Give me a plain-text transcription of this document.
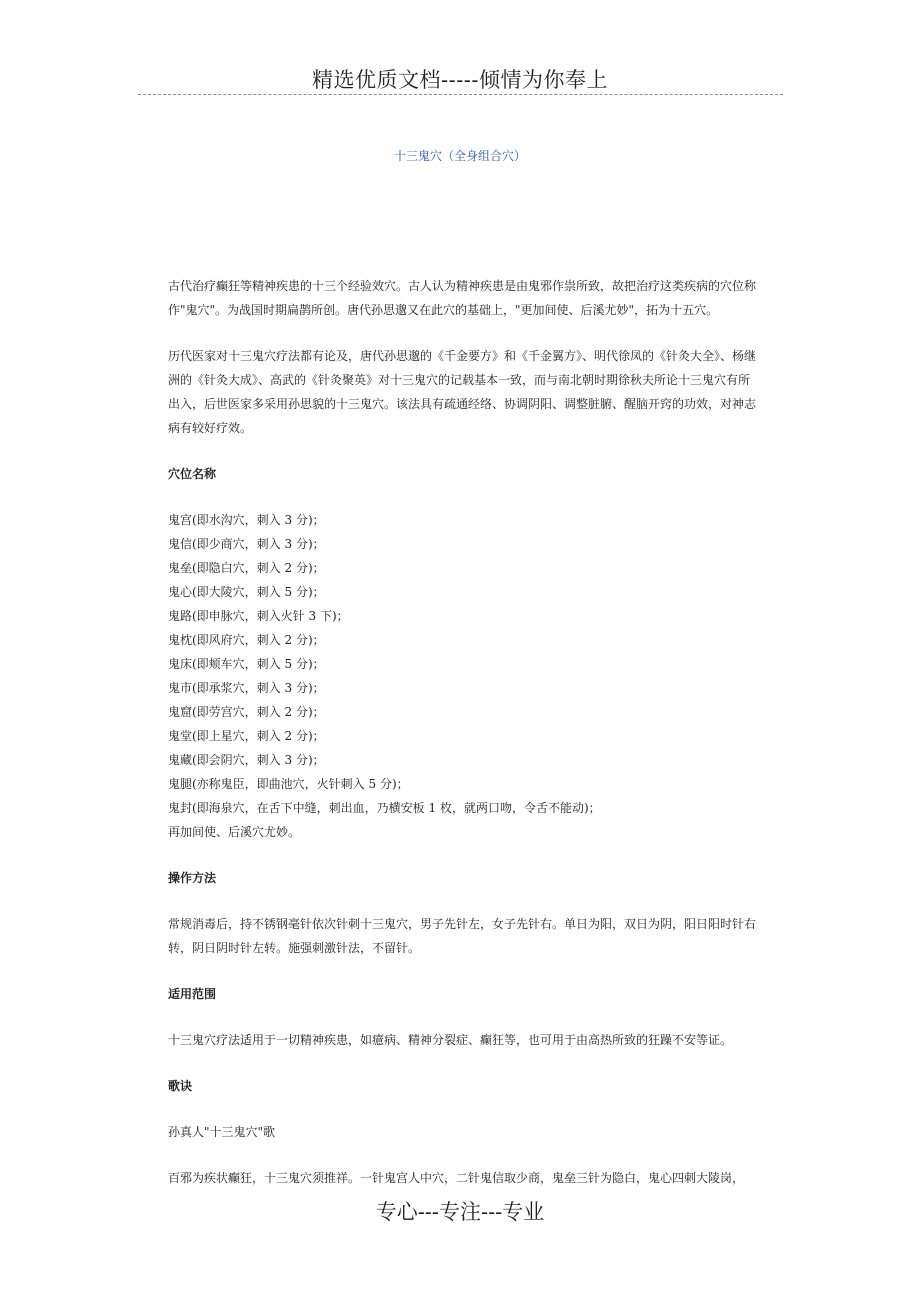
精选优质文档-----倾情为你奉上
十三鬼穴（全身组合穴）

古代治疗癫狂等精神疾患的十三个经验效穴。古人认为精神疾患是由鬼邪作祟所致，故把治疗这类疾病的穴位称作"鬼穴"。为战国时期扁鹊所创。唐代孙思邈又在此穴的基础上，"更加间使、后溪尤妙"，拓为十五穴。

历代医家对十三鬼穴疗法都有论及，唐代孙思邈的《千金要方》和《千金翼方》、明代徐凤的《针灸大全》、杨继洲的《针灸大成》、高武的《针灸聚英》对十三鬼穴的记载基本一致，而与南北朝时期徐秋夫所论十三鬼穴有所出入，后世医家多采用孙思貌的十三鬼穴。该法具有疏通经络、协调阴阳、调整脏腑、醒脑开窍的功效，对神志病有较好疗效。

穴位名称
鬼宫(即水沟穴，刺入 3 分)；
鬼信(即少商穴，刺入 3 分)；
鬼垒(即隐白穴，刺入 2 分)；
鬼心(即大陵穴，刺入 5 分)；
鬼路(即申脉穴，刺入火针 3 下)；
鬼枕(即风府穴，刺入 2 分)；
鬼床(即颊车穴，刺入 5 分)；
鬼市(即承浆穴，刺入 3 分)；
鬼窟(即劳宫穴，刺入 2 分)；
鬼堂(即上星穴，刺入 2 分)；
鬼藏(即会阴穴，刺入 3 分)；
鬼腿(亦称鬼臣，即曲池穴，火针刺入 5 分)；
鬼封(即海泉穴，在舌下中缝，刺出血，乃横安板 1 枚，就两口吻，令舌不能动)；
再加间使、后溪穴尤妙。
操作方法

常规消毒后，持不锈钢毫针依次针刺十三鬼穴，男子先针左，女子先针右。单日为阳，双日为阴，阳日阳时针右转，阴日阴时针左转。施强刺激针法，不留针。

适用范围

十三鬼穴疗法适用于一切精神疾患，如癔病、精神分裂症、癫狂等，也可用于由高热所致的狂躁不安等证。

歌诀

孙真人"十三鬼穴"歌

百邪为疾状癫狂，十三鬼穴须推祥。一针鬼宫人中穴，二针鬼信取少商，鬼垒三针为隐白，鬼心四刺大陵岗，

专心---专注---专业
